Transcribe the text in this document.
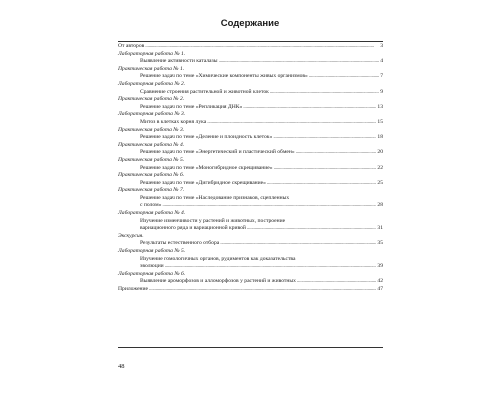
Содержание
От авторов .....	3
Лабораторная работа № 1.
Выявление активности каталазы .....	4
Практическая работа № 1.
Решение задач по теме «Химические компоненты живых организмов» .....	7
Лабораторная работа № 2.
Сравнение строения растительной и животной клеток .....	9
Практическая работа № 2.
Решение задач по теме «Репликация ДНК» .....	13
Лабораторная работа № 3.
Митоз в клетках корня лука .....	15
Практическая работа № 3.
Решение задач по теме «Деление и плоидность клеток» .....	18
Практическая работа № 4.
Решение задач по теме «Энергетический и пластический обмен» .....	20
Практическая работа № 5.
Решение задач по теме «Моногибридное скрещивание» .....	22
Практическая работа № 6.
Решение задач по теме «Дигибридное скрещивание» .....	25
Практическая работа № 7.
Решение задач по теме «Наследование признаков, сцепленных
с полом» .....	28
Лабораторная работа № 4.
Изучение изменчивости у растений и животных, построение
вариационного ряда и вариационной кривой .....	31
Экскурсия.
Результаты естественного отбора .....	35
Лабораторная работа № 5.
Изучение гомологичных органов, рудиментов как доказательства
эволюции .....	39
Лабораторная работа № 6.
Выявление ароморфозов и алломорфозов у растений и животных .....	42
Приложение .....	47
48
